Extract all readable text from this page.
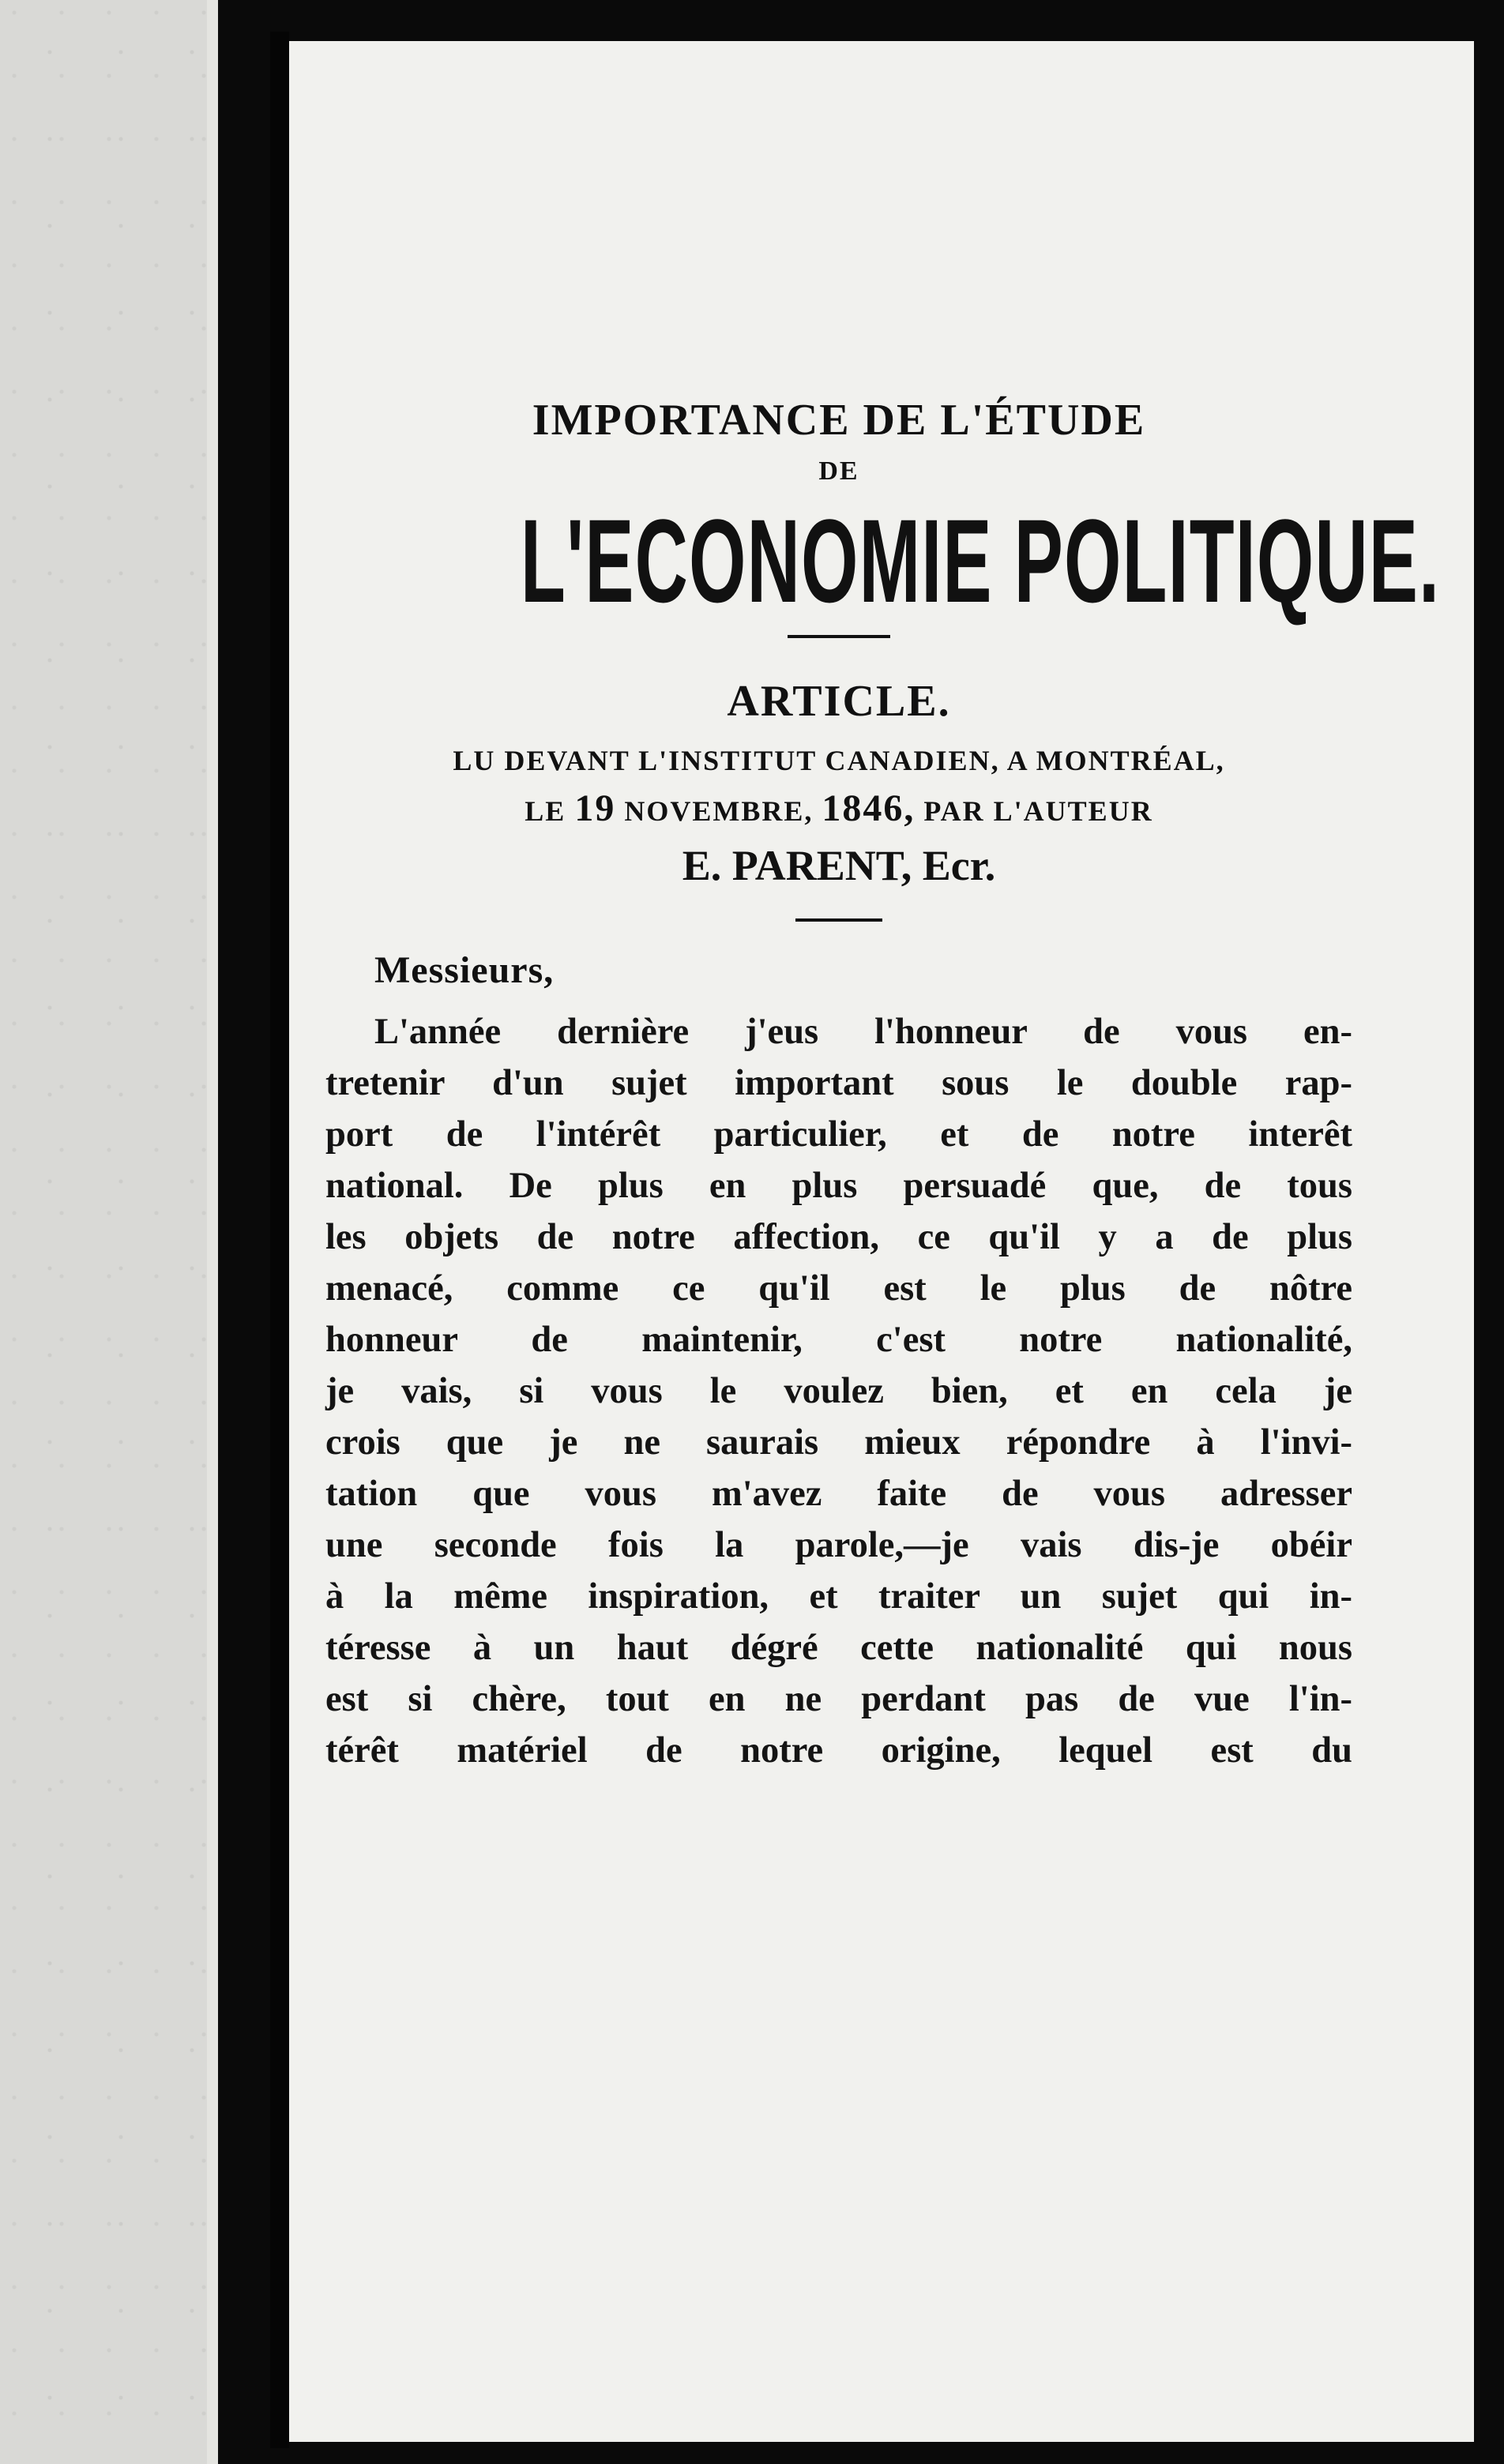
IMPORTANCE DE L'ÉTUDE

DE

L'ECONOMIE POLITIQUE.

ARTICLE.

LU DEVANT L'INSTITUT CANADIEN, A MONTRÉAL,

LE 19 NOVEMBRE, 1846, PAR L'AUTEUR

E. PARENT, Ecr.

Messieurs,

L'année dernière j'eus l'honneur de vous en-
tretenir d'un sujet important sous le double rap-
port de l'intérêt particulier, et de notre interêt
national. De plus en plus persuadé que, de tous
les objets de notre affection, ce qu'il y a de plus
menacé, comme ce qu'il est le plus de nôtre
honneur de maintenir, c'est notre nationalité,
je vais, si vous le voulez bien, et en cela je
crois que je ne saurais mieux répondre à l'invi-
tation que vous m'avez faite de vous adresser
une seconde fois la parole,—je vais dis-je obéir
à la même inspiration, et traiter un sujet qui in-
téresse à un haut dégré cette nationalité qui nous
est si chère, tout en ne perdant pas de vue l'in-
térêt matériel de notre origine, lequel est du
